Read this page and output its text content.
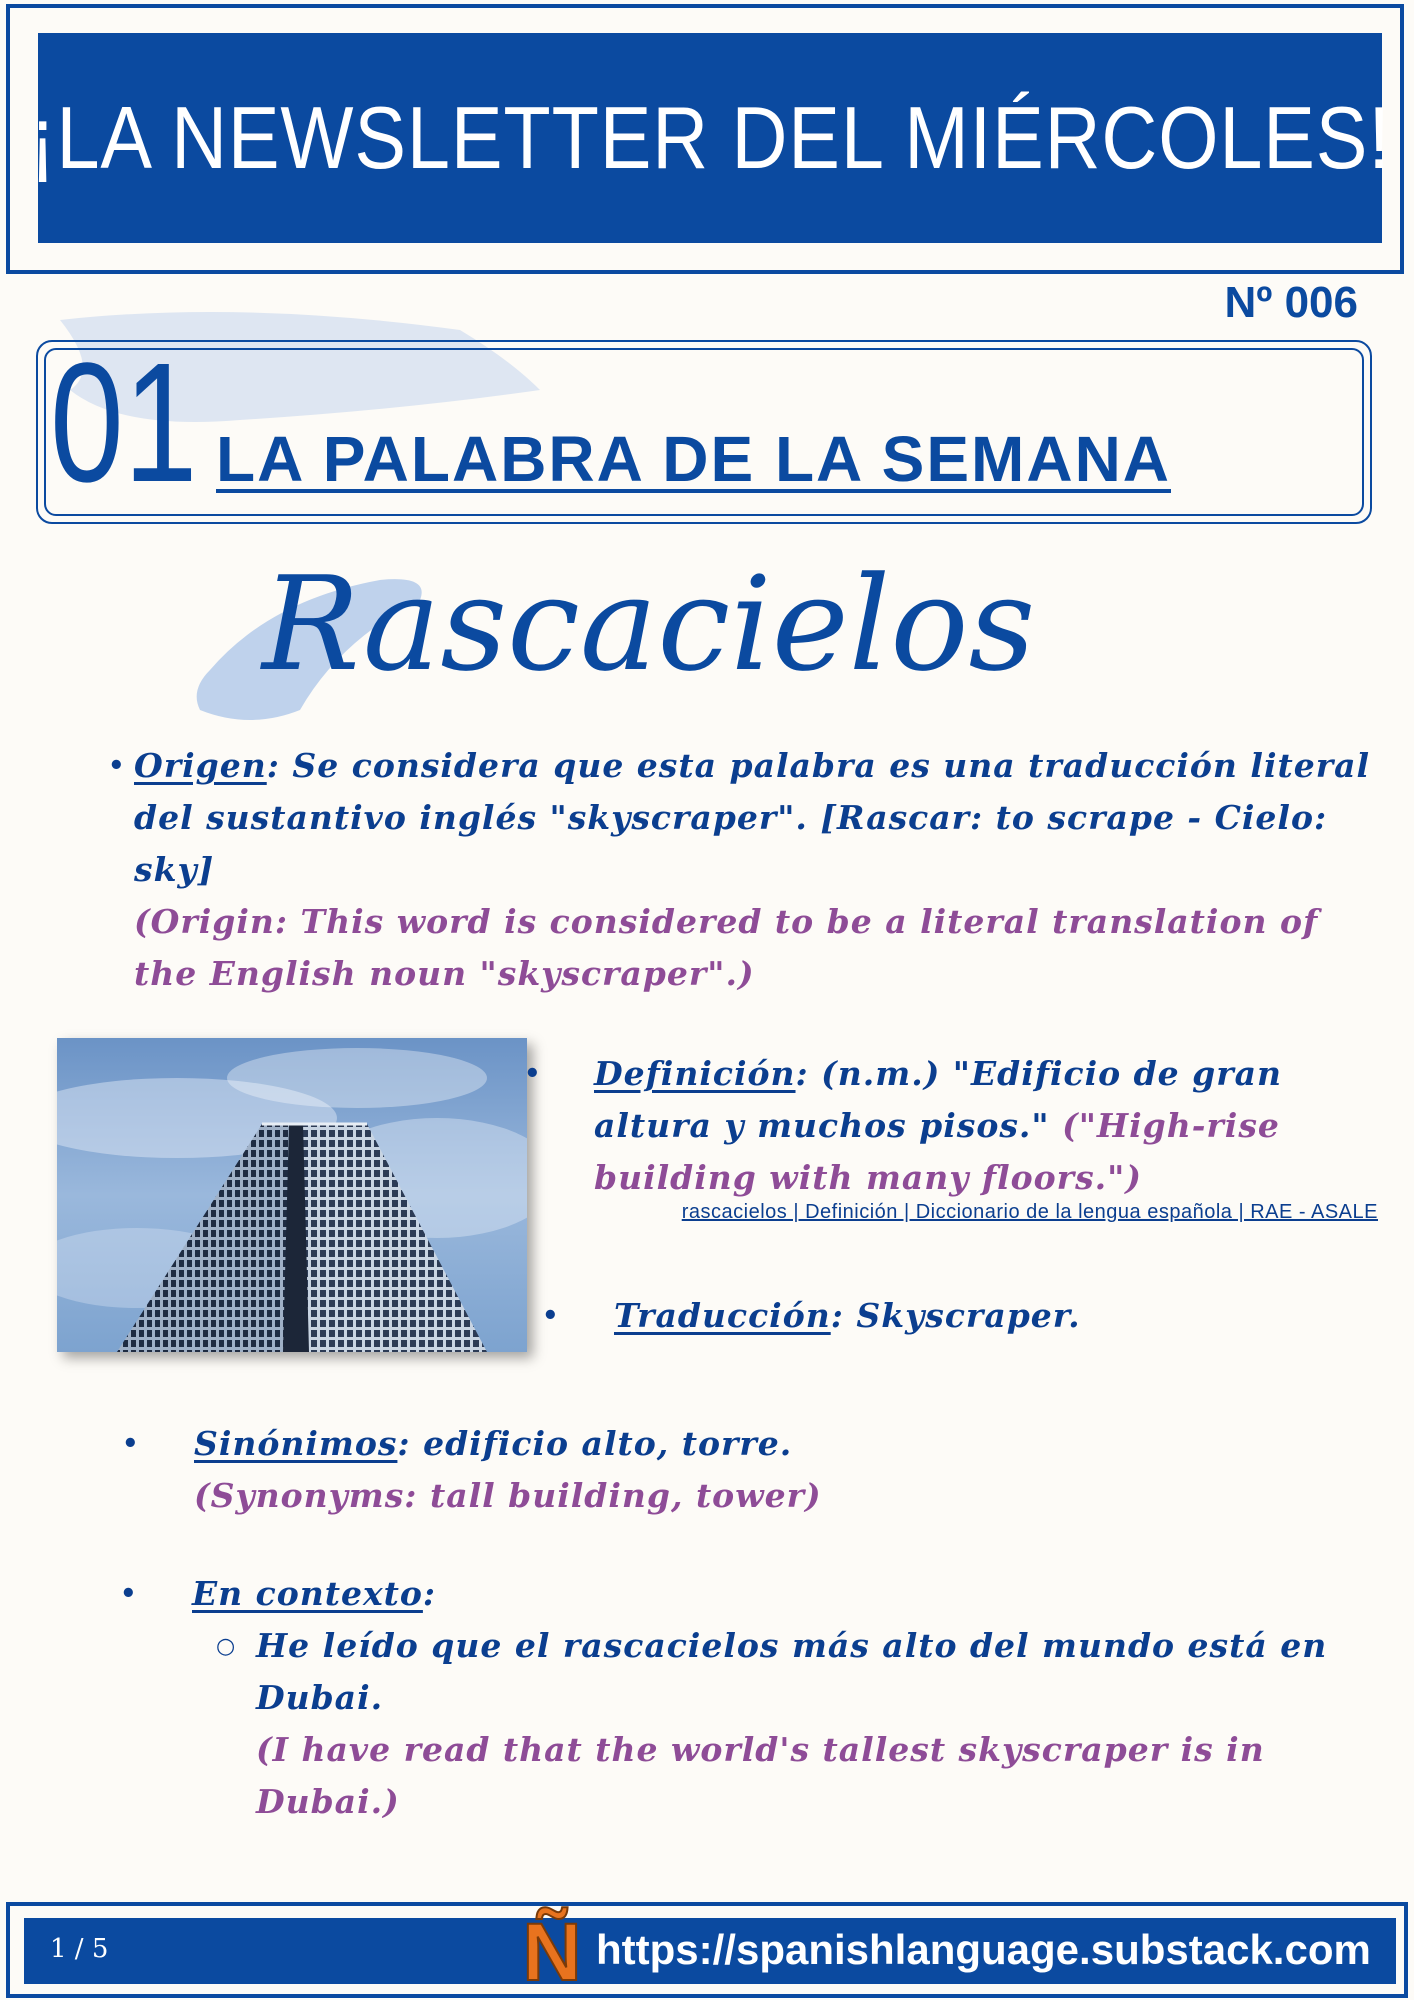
¡LA NEWSLETTER DEL MIÉRCOLES!
Nº 006
01 LA PALABRA DE LA SEMANA
Rascacielos
• Origen: Se considera que esta palabra es una traducción literal del sustantivo inglés "skyscraper". [Rascar: to scrape - Cielo: sky]
(Origin: This word is considered to be a literal translation of the English noun "skyscraper".)
• Definición: (n.m.) "Edificio de gran altura y muchos pisos." ("High-rise building with many floors.")
rascacielos | Definición | Diccionario de la lengua española | RAE - ASALE
• Traducción: Skyscraper.
• Sinónimos: edificio alto, torre.
(Synonyms: tall building, tower)
• En contexto:
○ He leído que el rascacielos más alto del mundo está en Dubai.
(I have read that the world's tallest skyscraper is in Dubai.)
1 / 5	Ñ https://spanishlanguage.substack.com
